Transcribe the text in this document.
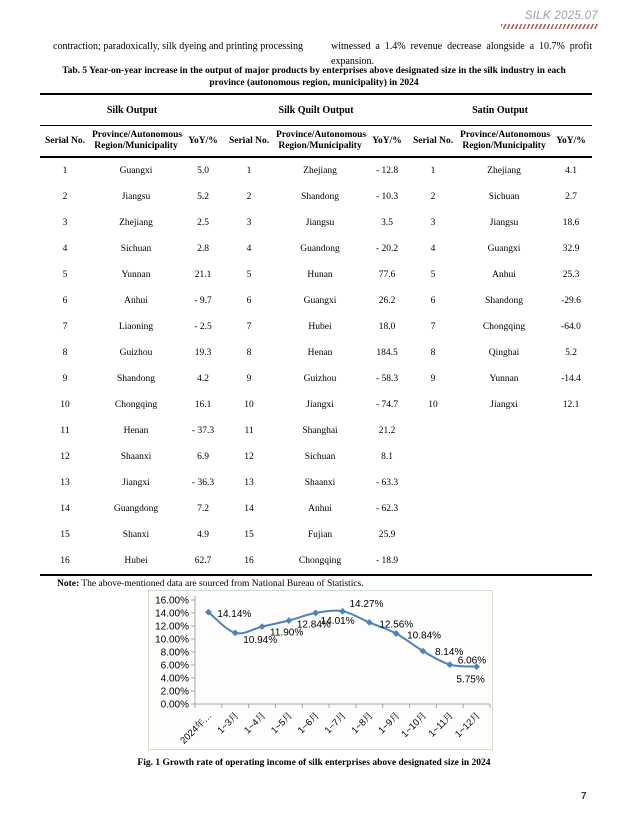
SILK 2025.07

contraction; paradoxically, silk dyeing and printing processing	witnessed a 1.4% revenue decrease alongside a 10.7% profit expansion.

Tab. 5 Year-on-year increase in the output of major products by enterprises above designated size in the silk industry in each province (autonomous region, municipality) in 2024
Silk Output			Silk Quilt Output			Satin Output		
Serial No.	Province/Autonomous Region/Municipality	YoY/%	Serial No.	Province/Autonomous Region/Municipality	YoY/%	Serial No.	Province/Autonomous Region/Municipality	YoY/%
1	Guangxi	5.0	1	Zhejiang	- 12.8	1	Zhejiang	4.1
2	Jiangsu	5.2	2	Shandong	- 10.3	2	Sichuan	2.7
3	Zhejiang	2.5	3	Jiangsu	3.5	3	Jiangsu	18.6
4	Sichuan	2.8	4	Guandong	- 20.2	4	Guangxi	32.9
5	Yunnan	21.1	5	Hunan	77.6	5	Anhui	25.3
6	Anhui	- 9.7	6	Guangxi	26.2	6	Shandong	-29.6
7	Liaoning	- 2.5	7	Hubei	18.0	7	Chongqing	-64.0
8	Guizhou	19.3	8	Henan	184.5	8	Qinghai	5.2
9	Shandong	4.2	9	Guizhou	- 58.3	9	Yunnan	-14.4
10	Chongqing	16.1	10	Jiangxi	- 74.7	10	Jiangxi	12.1
11	Henan	- 37.3	11	Shanghai	21.2			
12	Shaanxi	6.9	12	Sichuan	8.1			
13	Jiangxi	- 36.3	13	Shaanxi	- 63.3			
14	Guangdong	7.2	14	Anhui	- 62.3			
15	Shanxi	4.9	15	Fujian	25.9			
16	Hubei	62.7	16	Chongqing	- 18.9			

Note: The above-mentioned data are sourced from National Bureau of Statistics.

0.00%
2.00%
4.00%
6.00%
8.00%
10.00%
12.00%
14.00%
16.00%
2024年… 1~3月 1~4月 1~5月 1~6月 1~7月 1~8月 1~9月
1~10月
1~11月
1~12月
14.14%
10.94%
11.90%
12.84%
14.01%
14.27%
12.56%
10.84%
8.14%
6.06%
5.75%
Fig. 1 Growth rate of operating income of silk enterprises above designated size in 2024
7
